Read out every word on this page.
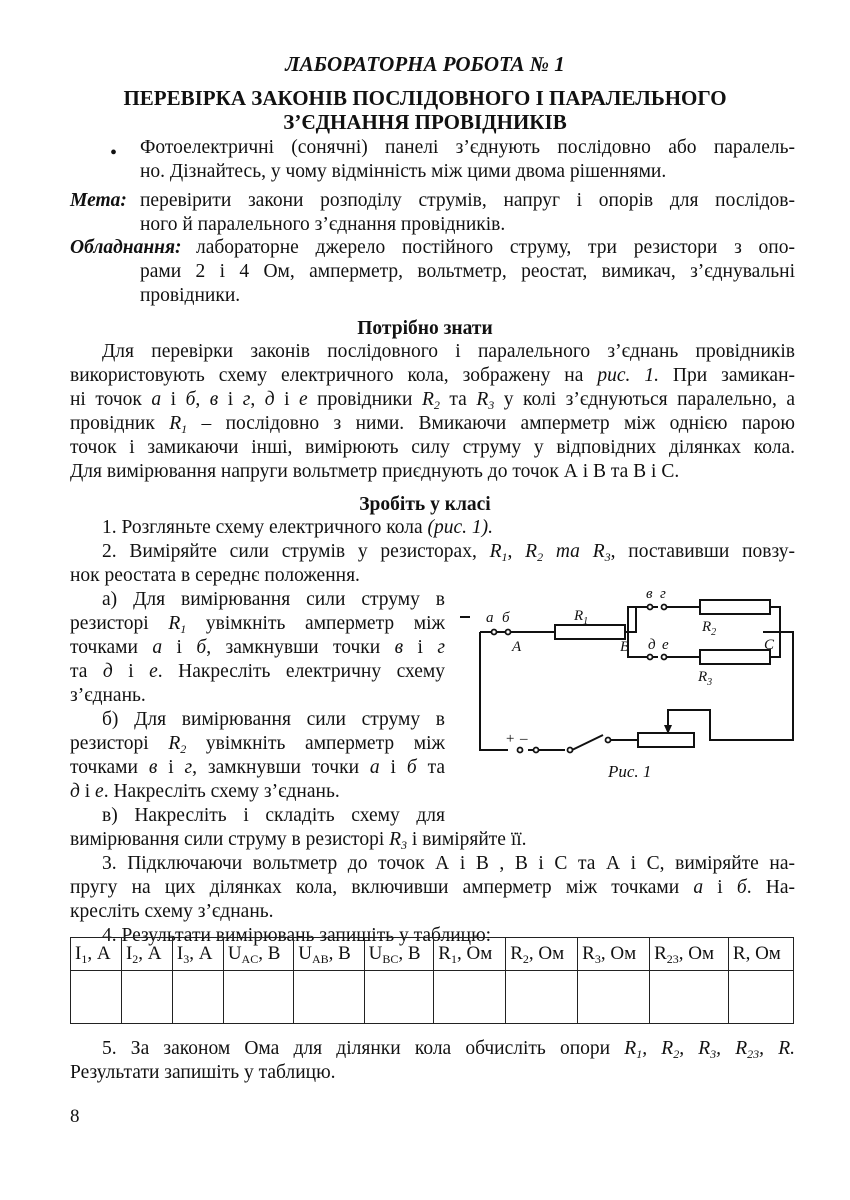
ЛАБОРАТОРНА РОБОТА № 1
ПЕРЕВІРКА ЗАКОНІВ ПОСЛІДОВНОГО І ПАРАЛЕЛЬНОГО
З’ЄДНАННЯ ПРОВІДНИКІВ
• Фотоелектричні (сонячні) панелі з’єднують послідовно або паралель-
но. Дізнайтесь, у чому відмінність між цими двома рішеннями.
Мета: перевірити закони розподілу струмів, напруг і опорів для послідов-
ного й паралельного з’єднання провідників.
Обладнання: лабораторне джерело постійного струму, три резистори з опо-
рами 2 і 4 Ом, амперметр, вольтметр, реостат, вимикач, з’єднувальні
провідники.
Потрібно знати
Для перевірки законів послідовного і паралельного з’єднань провідників
використовують схему електричного кола, зображену на рис. 1. При замикан-
ні точок а і б, в і г, д і е провідники $R_2$ та $R_3$ у колі з’єднуються паралельно, а
провідник $R_1$ – послідовно з ними. Вмикаючи амперметр між однією парою
точок і замикаючи інші, вимірюють силу струму у відповідних ділянках кола.
Для вимірювання напруги вольтметр приєднують до точок А і В та В і С.
Зробіть у класі
1. Розгляньте схему електричного кола (рис. 1).
2. Виміряйте сили струмів у резисторах, $R_1$, $R_2$ та $R_3$, поставивши повзу-
нок реостата в середнє положення.
а) Для вимірювання сили струму в
резисторі $R_1$ увімкніть амперметр між
точками а і б, замкнувши точки в і г
та д і е. Накресліть електричну схему
з’єднань.
б) Для вимірювання сили струму в
резисторі $R_2$ увімкніть амперметр між
точками в і г, замкнувши точки а і б та
д і е. Накресліть схему з’єднань.
в) Накресліть і складіть схему для
вимірювання сили струму в резисторі $R_3$ і виміряйте її.
3. Підключаючи вольтметр до точок А і В , В і С та А і С, виміряйте на-
пругу на цих ділянках кола, включивши амперметр між точками а і б. На-
кресліть схему з’єднань.
4. Результати вимірювань запишіть у таблицю:
а б
A
$R_1$
B
в г
$R_2$
д е
$R_3$
C
+ –
Рис. 1
$I_1$, А	$I_2$, А	$I_3$, А	$U_{AC}$, В	$U_{AB}$, В	$U_{BC}$, В	$R_1$, Ом	$R_2$, Ом	$R_3$, Ом	$R_{23}$, Ом	R, Ом

5. За законом Ома для ділянки кола обчисліть опори $R_1$, $R_2$, $R_3$, $R_{23}$, R.
Результати запишіть у таблицю.
8
